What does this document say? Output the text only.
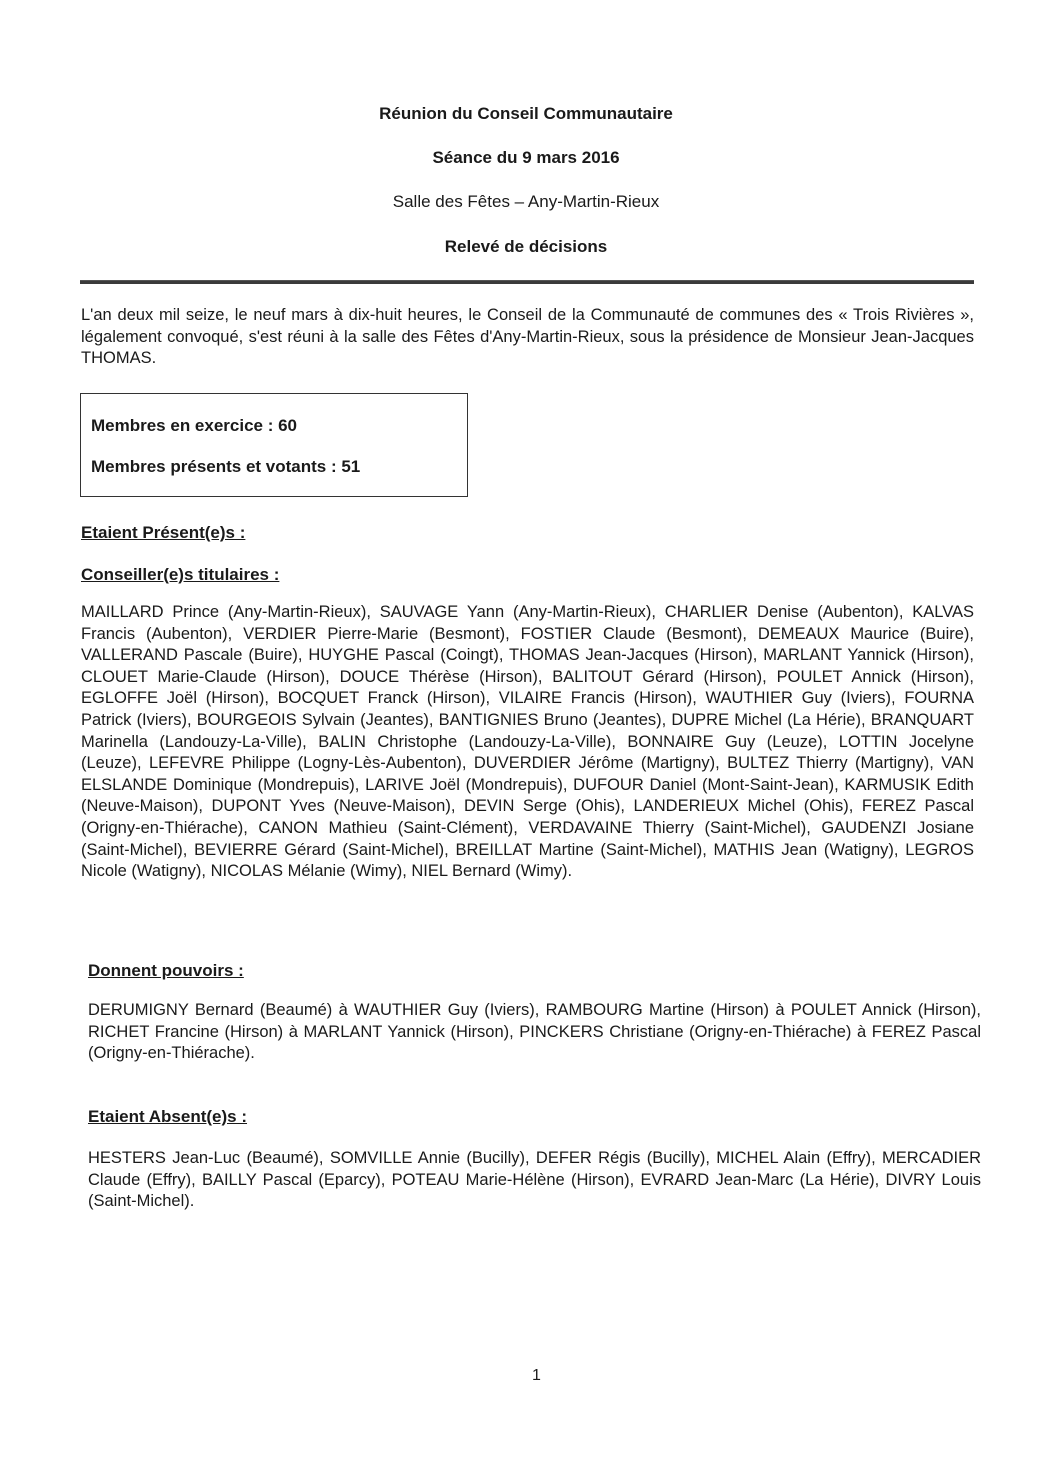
Réunion du Conseil Communautaire
Séance du 9 mars 2016
Salle des Fêtes – Any-Martin-Rieux
Relevé de décisions
L'an deux mil seize, le neuf mars à dix-huit heures, le Conseil de la Communauté de communes des « Trois Rivières », légalement convoqué, s'est réuni à la salle des Fêtes d'Any-Martin-Rieux, sous la présidence de Monsieur Jean-Jacques THOMAS.
Membres en exercice : 60
Membres présents et votants : 51
Etaient Présent(e)s :
Conseiller(e)s titulaires :
MAILLARD Prince (Any-Martin-Rieux), SAUVAGE Yann (Any-Martin-Rieux), CHARLIER Denise (Aubenton), KALVAS Francis (Aubenton), VERDIER Pierre-Marie (Besmont), FOSTIER Claude (Besmont), DEMEAUX Maurice (Buire), VALLERAND Pascale (Buire), HUYGHE Pascal (Coingt), THOMAS Jean-Jacques (Hirson), MARLANT Yannick (Hirson), CLOUET Marie-Claude (Hirson), DOUCE Thérèse (Hirson), BALITOUT Gérard (Hirson), POULET Annick (Hirson), EGLOFFE Joël (Hirson), BOCQUET Franck (Hirson), VILAIRE Francis (Hirson), WAUTHIER Guy (Iviers), FOURNA Patrick (Iviers), BOURGEOIS Sylvain (Jeantes), BANTIGNIES Bruno (Jeantes), DUPRE Michel (La Hérie), BRANQUART Marinella (Landouzy-La-Ville), BALIN Christophe (Landouzy-La-Ville), BONNAIRE Guy (Leuze), LOTTIN Jocelyne (Leuze), LEFEVRE Philippe (Logny-Lès-Aubenton), DUVERDIER Jérôme (Martigny), BULTEZ Thierry (Martigny), VAN ELSLANDE Dominique (Mondrepuis), LARIVE Joël (Mondrepuis), DUFOUR Daniel (Mont-Saint-Jean), KARMUSIK Edith (Neuve-Maison), DUPONT Yves (Neuve-Maison), DEVIN Serge (Ohis), LANDERIEUX Michel (Ohis), FEREZ Pascal (Origny-en-Thiérache), CANON Mathieu (Saint-Clément), VERDAVAINE Thierry (Saint-Michel), GAUDENZI Josiane (Saint-Michel), BEVIERRE Gérard (Saint-Michel), BREILLAT Martine (Saint-Michel), MATHIS Jean (Watigny), LEGROS Nicole (Watigny), NICOLAS Mélanie (Wimy), NIEL Bernard (Wimy).
Donnent pouvoirs :
DERUMIGNY Bernard (Beaumé) à WAUTHIER Guy (Iviers), RAMBOURG Martine (Hirson) à POULET Annick (Hirson), RICHET Francine (Hirson) à MARLANT Yannick (Hirson), PINCKERS Christiane (Origny-en-Thiérache) à FEREZ Pascal (Origny-en-Thiérache).
Etaient Absent(e)s :
HESTERS Jean-Luc (Beaumé), SOMVILLE Annie (Bucilly), DEFER Régis (Bucilly), MICHEL Alain (Effry), MERCADIER Claude (Effry), BAILLY Pascal (Eparcy), POTEAU Marie-Hélène (Hirson), EVRARD Jean-Marc (La Hérie), DIVRY Louis (Saint-Michel).
1
